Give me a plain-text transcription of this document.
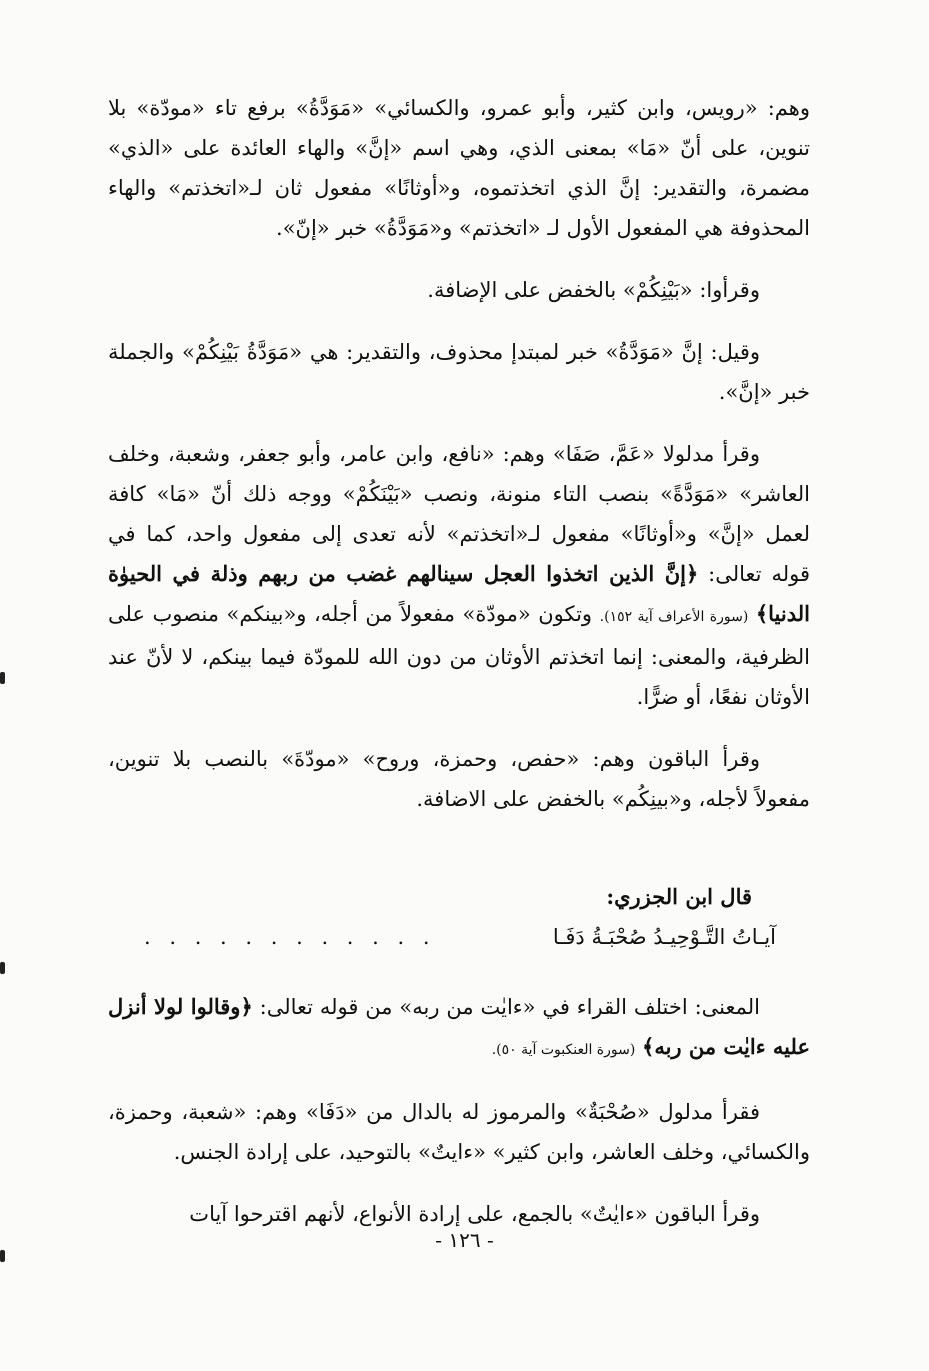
وهم: «رويس، وابن كثير، وأبو عمرو، والكسائي» «مَوَدَّةُ» برفع تاء «مودّة» بلا تنوين، على أنّ «مَا» بمعنى الذي، وهي اسم «إنَّ» والهاء العائدة على «الذي» مضمرة، والتقدير: إنَّ الذي اتخذتموه، و«أوثانًا» مفعول ثان لـ«اتخذتم» والهاء المحذوفة هي المفعول الأول لـ «اتخذتم» و«مَوَدَّةُ» خبر «إنّ».

وقرأوا: «بَيْنِكُمْ» بالخفض على الإضافة.

وقيل: إنَّ «مَوَدَّةُ» خبر لمبتدإ محذوف، والتقدير: هي «مَوَدَّةُ بَيْنِكُمْ» والجملة خبر «إنَّ».

وقرأ مدلولا «عَمَّ، صَفَا» وهم: «نافع، وابن عامر، وأبو جعفر، وشعبة، وخلف العاشر» «مَوَدَّةً» بنصب التاء منونة، ونصب «بَيْنَكُمْ» ووجه ذلك أنّ «مَا» كافة لعمل «إنَّ» و«أوثانًا» مفعول لـ«اتخذتم» لأنه تعدى إلى مفعول واحد، كما في قوله تعالى: ﴿إنَّ الذين اتخذوا العجل سينالهم غضب من ربهم وذلة في الحيوٰة الدنيا﴾ (سورة الأعراف آية ١٥٢). وتكون «مودّة» مفعولاً من أجله، و«بينكم» منصوب على الظرفية، والمعنى: إنما اتخذتم الأوثان من دون الله للمودّة فيما بينكم، لا لأنّ عند الأوثان نفعًا، أو ضرًّا.

وقرأ الباقون وهم: «حفص، وحمزة، وروح» «مودّةَ» بالنصب بلا تنوين، مفعولاً لأجله، و«بينِكُم» بالخفض على الاضافة.

قال ابن الجزري:
آيـاتُ التَّـوْحِيـدُ صُحْبَـةُ دَفَـا
. . . . . . . . . . . .

المعنى: اختلف القراء في «ءايٰت من ربه» من قوله تعالى: ﴿وقالوا لولا أنزل عليه ءايٰت من ربه﴾ (سورة العنكبوت آية ٥٠).

فقرأ مدلول «صُحْبَةٌ» والمرموز له بالدال من «دَفَا» وهم: «شعبة، وحمزة، والكسائي، وخلف العاشر، وابن كثير» «ءايتٌ» بالتوحيد، على إرادة الجنس.

وقرأ الباقون «ءايٰتٌ» بالجمع، على إرادة الأنواع، لأنهم اقترحوا آيات

- ١٢٦ -
